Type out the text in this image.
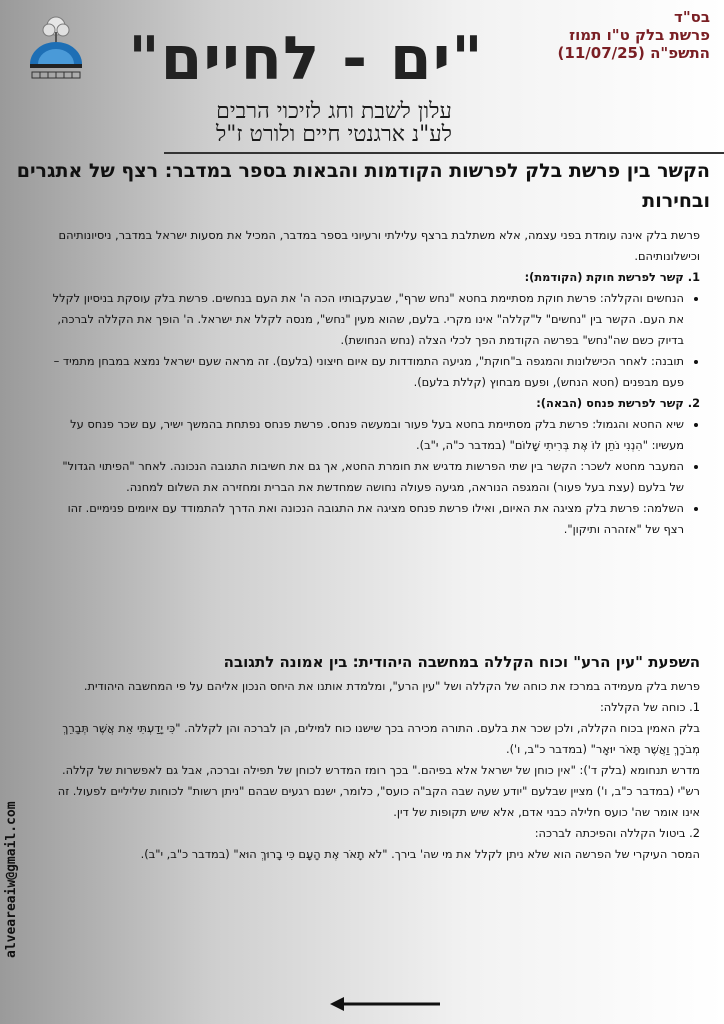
בס"ד
פרשת בלק ט"ו תמוז
התשפ"ה (11/07/25)
"ים - לחיים"
עלון לשבת וחג לזיכוי הרבים
לע"נ ארגנטי חיים ולורט ז"ל
הקשר בין פרשת בלק לפרשות הקודמות והבאות בספר במדבר: רצף של אתגרים ובחירות

פרשת בלק אינה עומדת בפני עצמה, אלא משתלבת ברצף עלילתי ורעיוני בספר במדבר, המכיל את מסעות ישראל במדבר, ניסיונותיהם וכישלונותיהם.

1. קשר לפרשת חוקת (הקודמת):

• הנחשים והקללה: פרשת חוקת מסתיימת בחטא "נחש שרף", שבעקבותיו הכה ה' את העם בנחשים. פרשת בלק עוסקת בניסיון לקלל את העם. הקשר בין "נחשים" ל"קללה" אינו מקרי. בלעם, שהוא מעין "נחש", מנסה לקלל את ישראל. ה' הופך את הקללה לברכה, בדיוק כשם שה"נחש" בפרשה הקודמת הפך לכלי הצלה (נחש הנחושת).
• תובנה: לאחר הכישלונות והמגפה ב"חוקת", מגיעה התמודדות עם איום חיצוני (בלעם). זה מראה שעם ישראל נמצא במבחן מתמיד – פעם מבפנים (חטא הנחש), ופעם מבחוץ (קללת בלעם).

2. קשר לפרשת פנחס (הבאה):

• שיא החטא והגמול: פרשת בלק מסתיימת בחטא בעל פעור ובמעשה פנחס. פרשת פנחס נפתחת בהמשך ישיר, עם שכר פנחס על מעשיו: "הִנְנִי נֹתֵן לוֹ אֶת בְּרִיתִי שָׁלוֹם" (במדבר כ"ה, י"ב).
• המעבר מחטא לשכר: הקשר בין שתי הפרשות מדגיש את חומרת החטא, אך גם את חשיבות התגובה הנכונה. לאחר "הפיתוי הגדול" של בלעם (עצת בעל פעור) והמגפה הנוראה, מגיעה פעולה נחושה שמחדשת את הברית ומחזירה את השלום למחנה.
• השלמה: פרשת בלק מציגה את האיום, ואילו פרשת פנחס מציגה את התגובה הנכונה ואת הדרך להתמודד עם איומים פנימיים. זהו רצף של "אזהרה ותיקון".
השפעת "עין הרע" וכוח הקללה במחשבה היהודית: בין אמונה לתגובה

פרשת בלק מעמידה במרכז את כוחה של הקללה ושל "עין הרע", ומלמדת אותנו את היחס הנכון אליהם על פי המחשבה היהודית.

1. כוחה של הקללה:

בלק האמין בכוח הקללה, ולכן שכר את בלעם. התורה מכירה בכך שישנו כוח למילים, הן לברכה והן לקללה. "כִּי יָדַעְתִּי אֵת אֲשֶׁר תְּבָרֵךְ מְבֹרָךְ וַאֲשֶׁר תָּאֹר יוּאָר" (במדבר כ"ב, ו').

מדרש תנחומא (בלק ד'): "אין כוחן של ישראל אלא בפיהם." בכך רומז המדרש לכוחן של תפילה וברכה, אבל גם לאפשרות של קללה.

רש"י (במדבר כ"ב, ו') מציין שבלעם "יודע שעה שבה הקב"ה כועס", כלומר, ישנם רגעים שבהם "ניתן רשות" לכוחות שליליים לפעול. זה אינו אומר שה' כועס חלילה כבני אדם, אלא שיש תקופות של דין.

2. ביטול הקללה והפיכתה לברכה:

המסר העיקרי של הפרשה הוא שלא ניתן לקלל את מי שה' בירך. "לֹא תָאֹר אֶת הָעָם כִּי בָרוּךְ הוּא" (במדבר כ"ב, י"ב).

alveareaiw@gmail.com
